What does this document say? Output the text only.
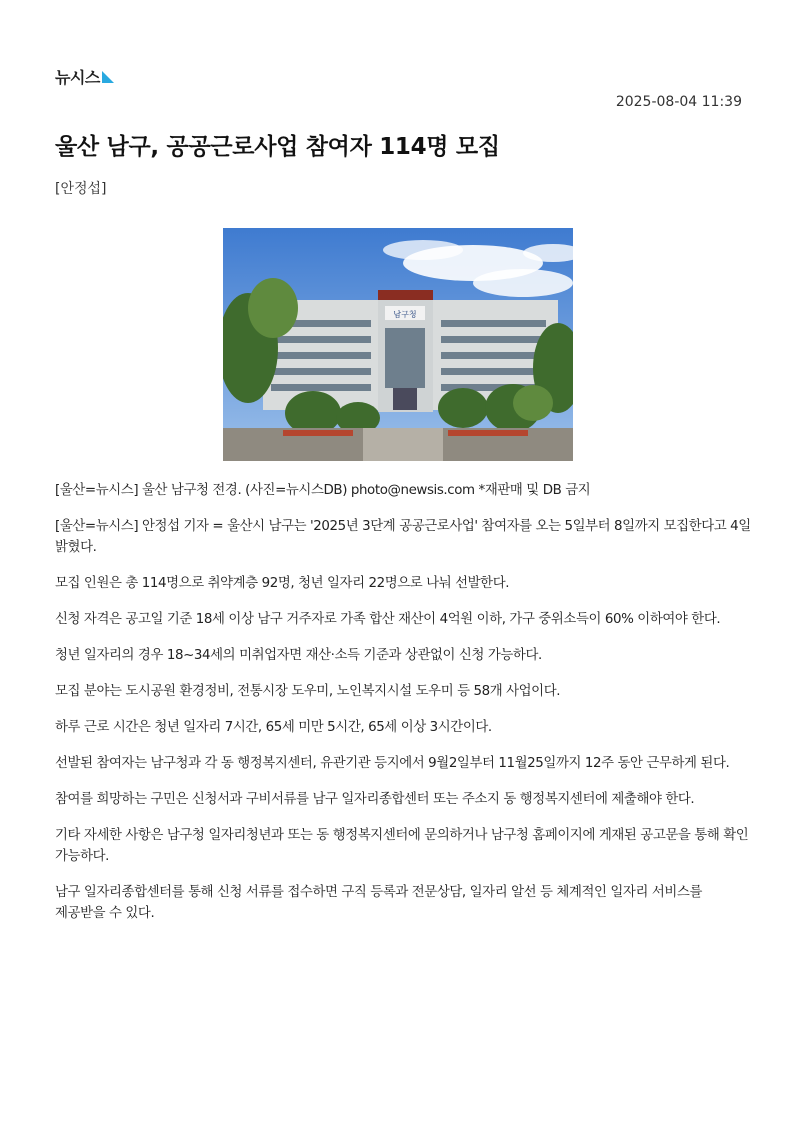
뉴시스
2025-08-04 11:39
울산 남구, 공공근로사업 참여자 114명 모집
[안정섭]
남구청

[울산=뉴시스] 울산 남구청 전경. (사진=뉴시스DB) photo@newsis.com *재판매 및 DB 금지

[울산=뉴시스] 안정섭 기자 = 울산시 남구는 '2025년 3단계 공공근로사업' 참여자를 오는 5일부터 8일까지 모집한다고 4일 밝혔다.

모집 인원은 총 114명으로 취약계층 92명, 청년 일자리 22명으로 나눠 선발한다.

신청 자격은 공고일 기준 18세 이상 남구 거주자로 가족 합산 재산이 4억원 이하, 가구 중위소득이 60% 이하여야 한다.

청년 일자리의 경우 18~34세의 미취업자면 재산·소득 기준과 상관없이 신청 가능하다.

모집 분야는 도시공원 환경정비, 전통시장 도우미, 노인복지시설 도우미 등 58개 사업이다.

하루 근로 시간은 청년 일자리 7시간, 65세 미만 5시간, 65세 이상 3시간이다.

선발된 참여자는 남구청과 각 동 행정복지센터, 유관기관 등지에서 9월2일부터 11월25일까지 12주 동안 근무하게 된다.

참여를 희망하는 구민은 신청서과 구비서류를 남구 일자리종합센터 또는 주소지 동 행정복지센터에 제출해야 한다.

기타 자세한 사항은 남구청 일자리청년과 또는 동 행정복지센터에 문의하거나 남구청 홈페이지에 게재된 공고문을 통해 확인 가능하다.

남구 일자리종합센터를 통해 신청 서류를 접수하면 구직 등록과 전문상담, 일자리 알선 등 체계적인 일자리 서비스를 제공받을 수 있다.
